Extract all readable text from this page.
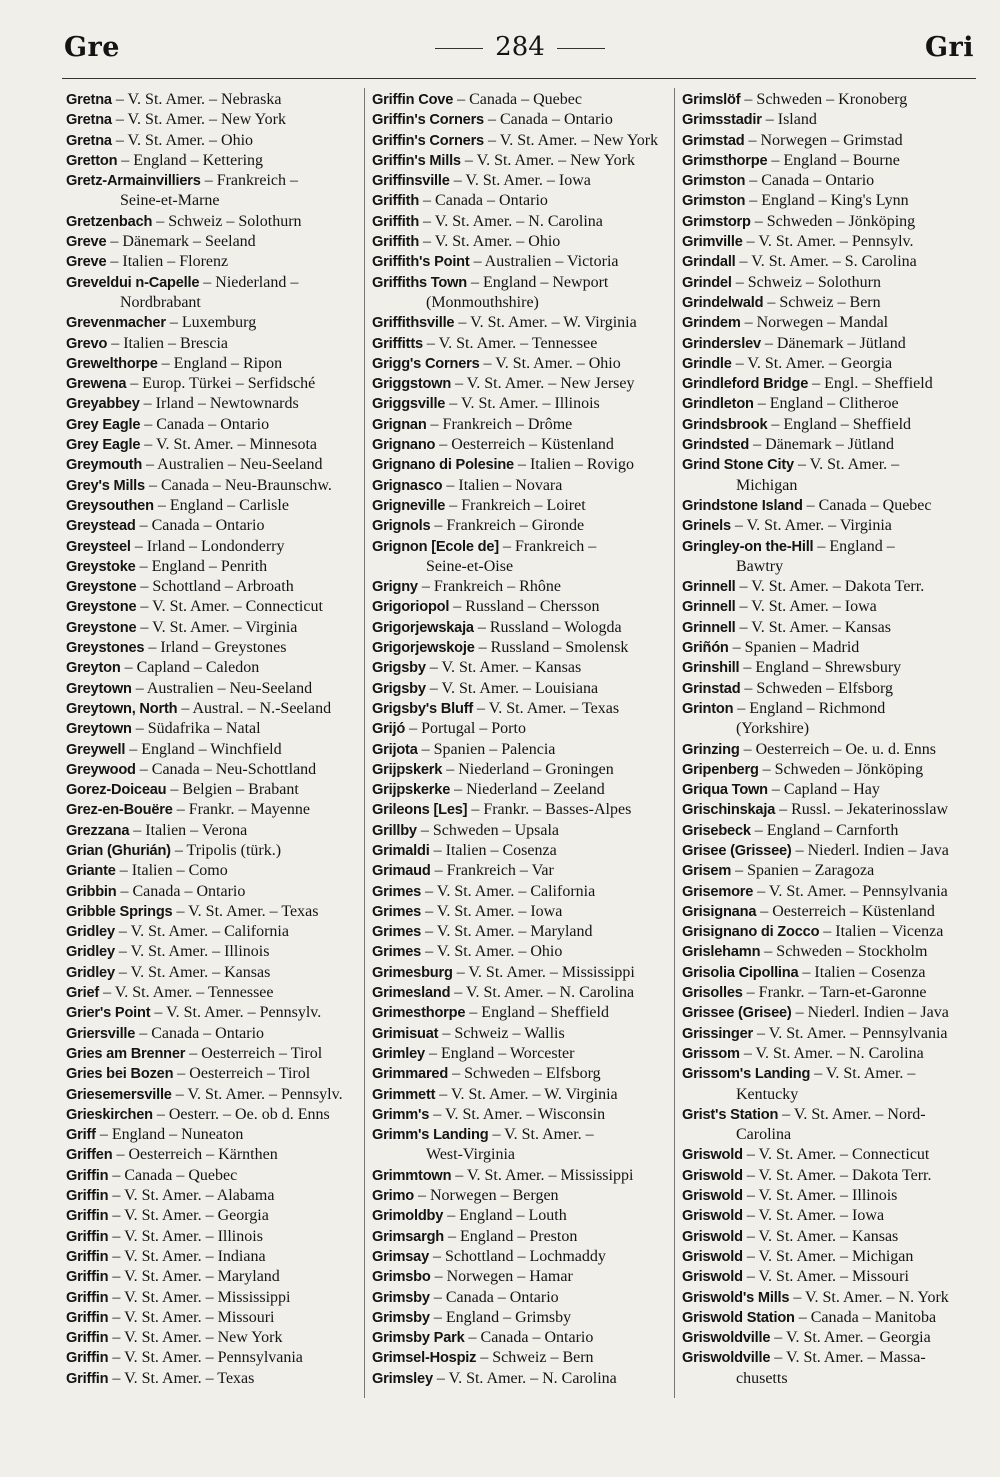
Gre	284	Gri
Gretna – V. St. Amer. – Nebraska
Gretna – V. St. Amer. – New York
Gretna – V. St. Amer. – Ohio
Gretton – England – Kettering
Gretz-Armainvilliers – Frankreich –
Seine-et-Marne
Gretzenbach – Schweiz – Solothurn
Greve – Dänemark – Seeland
Greve – Italien – Florenz
Greveldui n-Capelle – Niederland –
Nordbrabant
Grevenmacher – Luxemburg
Grevo – Italien – Brescia
Grewelthorpe – England – Ripon
Grewena – Europ. Türkei – Serfidsché
Greyabbey – Irland – Newtownards
Grey Eagle – Canada – Ontario
Grey Eagle – V. St. Amer. – Minnesota
Greymouth – Australien – Neu-Seeland
Grey's Mills – Canada – Neu-Braunschw.
Greysouthen – England – Carlisle
Greystead – Canada – Ontario
Greysteel – Irland – Londonderry
Greystoke – England – Penrith
Greystone – Schottland – Arbroath
Greystone – V. St. Amer. – Connecticut
Greystone – V. St. Amer. – Virginia
Greystones – Irland – Greystones
Greyton – Capland – Caledon
Greytown – Australien – Neu-Seeland
Greytown, North – Austral. – N.-Seeland
Greytown – Südafrika – Natal
Greywell – England – Winchfield
Greywood – Canada – Neu-Schottland
Gorez-Doiceau – Belgien – Brabant
Grez-en-Bouëre – Frankr. – Mayenne
Grezzana – Italien – Verona
Grian (Ghurián) – Tripolis (türk.)
Griante – Italien – Como
Gribbin – Canada – Ontario
Gribble Springs – V. St. Amer. – Texas
Gridley – V. St. Amer. – California
Gridley – V. St. Amer. – Illinois
Gridley – V. St. Amer. – Kansas
Grief – V. St. Amer. – Tennessee
Grier's Point – V. St. Amer. – Pennsylv.
Griersville – Canada – Ontario
Gries am Brenner – Oesterreich – Tirol
Gries bei Bozen – Oesterreich – Tirol
Griesemersville – V. St. Amer. – Pennsylv.
Grieskirchen – Oesterr. – Oe. ob d. Enns
Griff – England – Nuneaton
Griffen – Oesterreich – Kärnthen
Griffin – Canada – Quebec
Griffin – V. St. Amer. – Alabama
Griffin – V. St. Amer. – Georgia
Griffin – V. St. Amer. – Illinois
Griffin – V. St. Amer. – Indiana
Griffin – V. St. Amer. – Maryland
Griffin – V. St. Amer. – Mississippi
Griffin – V. St. Amer. – Missouri
Griffin – V. St. Amer. – New York
Griffin – V. St. Amer. – Pennsylvania
Griffin – V. St. Amer. – Texas
Griffin Cove – Canada – Quebec
Griffin's Corners – Canada – Ontario
Griffin's Corners – V. St. Amer. – New York
Griffin's Mills – V. St. Amer. – New York
Griffinsville – V. St. Amer. – Iowa
Griffith – Canada – Ontario
Griffith – V. St. Amer. – N. Carolina
Griffith – V. St. Amer. – Ohio
Griffith's Point – Australien – Victoria
Griffiths Town – England – Newport
(Monmouthshire)
Griffithsville – V. St. Amer. – W. Virginia
Griffitts – V. St. Amer. – Tennessee
Grigg's Corners – V. St. Amer. – Ohio
Griggstown – V. St. Amer. – New Jersey
Griggsville – V. St. Amer. – Illinois
Grignan – Frankreich – Drôme
Grignano – Oesterreich – Küstenland
Grignano di Polesine – Italien – Rovigo
Grignasco – Italien – Novara
Grigneville – Frankreich – Loiret
Grignols – Frankreich – Gironde
Grignon [Ecole de] – Frankreich –
Seine-et-Oise
Grigny – Frankreich – Rhône
Grigoriopol – Russland – Chersson
Grigorjewskaja – Russland – Wologda
Grigorjewskoje – Russland – Smolensk
Grigsby – V. St. Amer. – Kansas
Grigsby – V. St. Amer. – Louisiana
Grigsby's Bluff – V. St. Amer. – Texas
Grijó – Portugal – Porto
Grijota – Spanien – Palencia
Grijpskerk – Niederland – Groningen
Grijpskerke – Niederland – Zeeland
Grileons [Les] – Frankr. – Basses-Alpes
Grillby – Schweden – Upsala
Grimaldi – Italien – Cosenza
Grimaud – Frankreich – Var
Grimes – V. St. Amer. – California
Grimes – V. St. Amer. – Iowa
Grimes – V. St. Amer. – Maryland
Grimes – V. St. Amer. – Ohio
Grimesburg – V. St. Amer. – Mississippi
Grimesland – V. St. Amer. – N. Carolina
Grimesthorpe – England – Sheffield
Grimisuat – Schweiz – Wallis
Grimley – England – Worcester
Grimmared – Schweden – Elfsborg
Grimmett – V. St. Amer. – W. Virginia
Grimm's – V. St. Amer. – Wisconsin
Grimm's Landing – V. St. Amer. –
West-Virginia
Grimmtown – V. St. Amer. – Mississippi
Grimo – Norwegen – Bergen
Grimoldby – England – Louth
Grimsargh – England – Preston
Grimsay – Schottland – Lochmaddy
Grimsbo – Norwegen – Hamar
Grimsby – Canada – Ontario
Grimsby – England – Grimsby
Grimsby Park – Canada – Ontario
Grimsel-Hospiz – Schweiz – Bern
Grimsley – V. St. Amer. – N. Carolina
Grimslöf – Schweden – Kronoberg
Grimsstadir – Island
Grimstad – Norwegen – Grimstad
Grimsthorpe – England – Bourne
Grimston – Canada – Ontario
Grimston – England – King's Lynn
Grimstorp – Schweden – Jönköping
Grimville – V. St. Amer. – Pennsylv.
Grindall – V. St. Amer. – S. Carolina
Grindel – Schweiz – Solothurn
Grindelwald – Schweiz – Bern
Grindem – Norwegen – Mandal
Grinderslev – Dänemark – Jütland
Grindle – V. St. Amer. – Georgia
Grindleford Bridge – Engl. – Sheffield
Grindleton – England – Clitheroe
Grindsbrook – England – Sheffield
Grindsted – Dänemark – Jütland
Grind Stone City – V. St. Amer. –
Michigan
Grindstone Island – Canada – Quebec
Grinels – V. St. Amer. – Virginia
Gringley-on the-Hill – England –
Bawtry
Grinnell – V. St. Amer. – Dakota Terr.
Grinnell – V. St. Amer. – Iowa
Grinnell – V. St. Amer. – Kansas
Griñón – Spanien – Madrid
Grinshill – England – Shrewsbury
Grinstad – Schweden – Elfsborg
Grinton – England – Richmond
(Yorkshire)
Grinzing – Oesterreich – Oe. u. d. Enns
Gripenberg – Schweden – Jönköping
Griqua Town – Capland – Hay
Grischinskaja – Russl. – Jekaterinosslaw
Grisebeck – England – Carnforth
Grisee (Grissee) – Niederl. Indien – Java
Grisem – Spanien – Zaragoza
Grisemore – V. St. Amer. – Pennsylvania
Grisignana – Oesterreich – Küstenland
Grisignano di Zocco – Italien – Vicenza
Grislehamn – Schweden – Stockholm
Grisolia Cipollina – Italien – Cosenza
Grisolles – Frankr. – Tarn-et-Garonne
Grissee (Grisee) – Niederl. Indien – Java
Grissinger – V. St. Amer. – Pennsylvania
Grissom – V. St. Amer. – N. Carolina
Grissom's Landing – V. St. Amer. –
Kentucky
Grist's Station – V. St. Amer. – Nord-
Carolina
Griswold – V. St. Amer. – Connecticut
Griswold – V. St. Amer. – Dakota Terr.
Griswold – V. St. Amer. – Illinois
Griswold – V. St. Amer. – Iowa
Griswold – V. St. Amer. – Kansas
Griswold – V. St. Amer. – Michigan
Griswold – V. St. Amer. – Missouri
Griswold's Mills – V. St. Amer. – N. York
Griswold Station – Canada – Manitoba
Griswoldville – V. St. Amer. – Georgia
Griswoldville – V. St. Amer. – Massa-
chusetts
